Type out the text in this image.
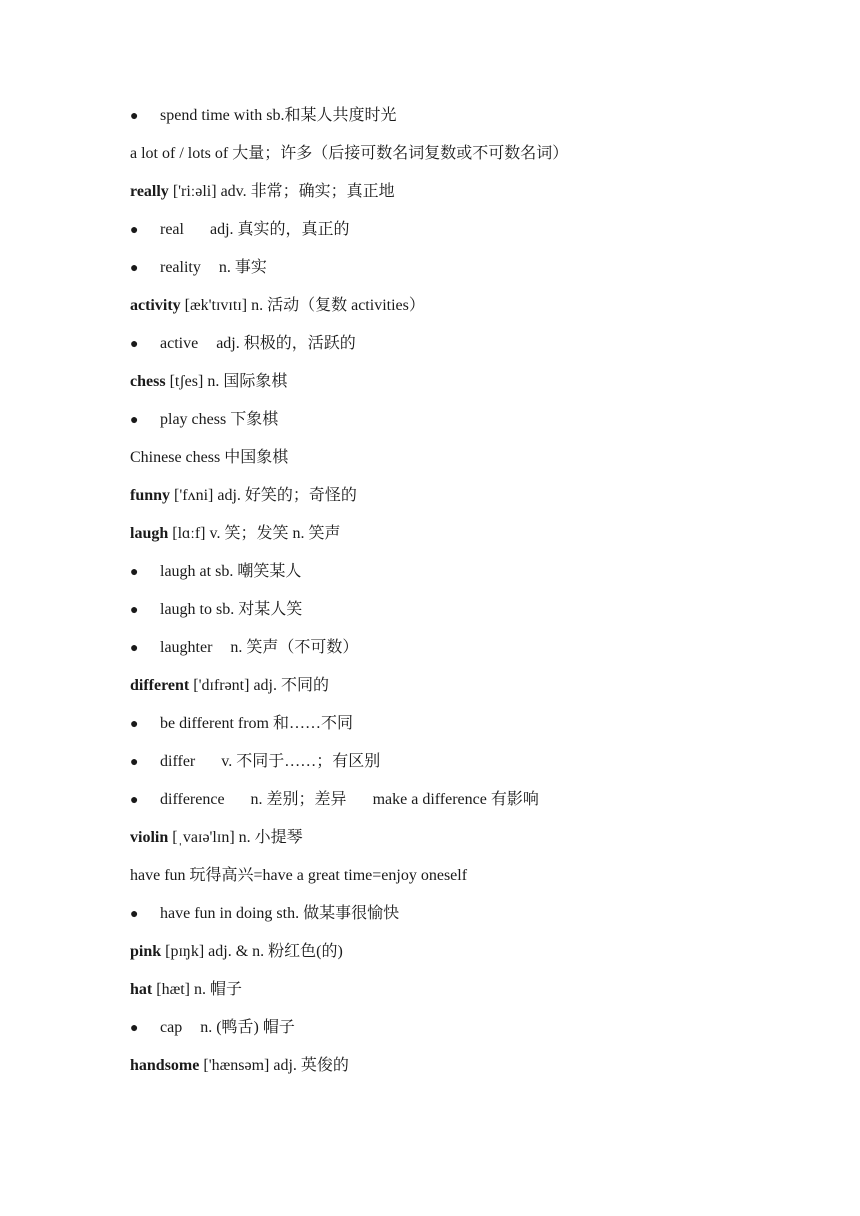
● spend time with sb.和某人共度时光
a lot of / lots of 大量；许多（后接可数名词复数或不可数名词）
really ['riːəli] adv. 非常；确实；真正地
● real adj. 真实的，真正的
● reality n. 事实
activity [æk'tɪvɪtɪ] n. 活动（复数 activities）
● active adj. 积极的，活跃的
chess [tʃes] n. 国际象棋
● play chess 下象棋
Chinese chess 中国象棋
funny ['fʌni] adj. 好笑的；奇怪的
laugh [lɑːf] v. 笑；发笑 n. 笑声
● laugh at sb. 嘲笑某人
● laugh to sb. 对某人笑
● laughter n. 笑声（不可数）
different ['dɪfrənt] adj. 不同的
● be different from 和……不同
● differ v. 不同于……；有区别
● difference n. 差别；差异 make a difference 有影响
violin [ˌvaɪə'lɪn] n. 小提琴
have fun 玩得高兴=have a great time=enjoy oneself
● have fun in doing sth. 做某事很愉快
pink [pɪŋk] adj. & n. 粉红色(的)
hat [hæt] n. 帽子
● cap n. (鸭舌) 帽子
handsome ['hænsəm] adj. 英俊的
